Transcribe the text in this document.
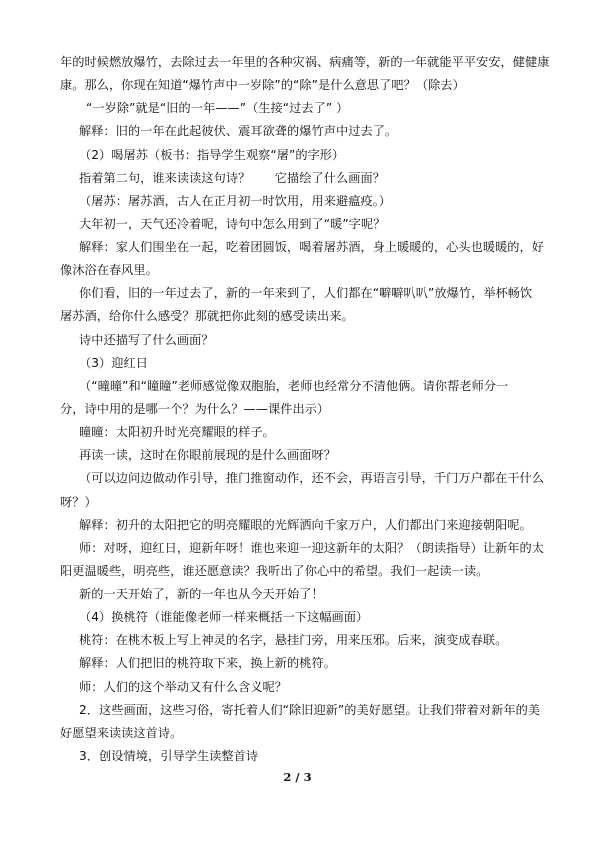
年的时候燃放爆竹，去除过去一年里的各种灾祸、病痛等，新的一年就能平平安安，健健康
康。那么，你现在知道“爆竹声中一岁除”的“除”是什么意思了吧？（除去）
“一岁除”就是“旧的一年——”（生接“过去了” ）
解释：旧的一年在此起彼伏、震耳欲聋的爆竹声中过去了。
（2）喝屠苏（板书：指导学生观察“屠”的字形）
指着第二句，谁来读读这句诗？　　它描绘了什么画面？
（屠苏：屠苏酒，古人在正月初一时饮用，用来避瘟疫。）
大年初一，天气还冷着呢，诗句中怎么用到了“暖”字呢？
解释：家人们围坐在一起，吃着团圆饭，喝着屠苏酒，身上暖暖的，心头也暖暖的，好
像沐浴在春风里。
你们看，旧的一年过去了，新的一年来到了，人们都在“噼噼叭叭”放爆竹，举杯畅饮
屠苏酒，给你什么感受？那就把你此刻的感受读出来。
诗中还描写了什么画面？
（3）迎红日
（“曈曈”和“瞳瞳”老师感觉像双胞胎，老师也经常分不清他俩。请你帮老师分一
分，诗中用的是哪一个？为什么？——课件出示）
曈曈：太阳初升时光亮耀眼的样子。
再读一读，这时在你眼前展现的是什么画面呀？
（可以边问边做动作引导，推门推窗动作，还不会，再语言引导，千门万户都在干什么
呀？）
解释：初升的太阳把它的明亮耀眼的光辉洒向千家万户，人们都出门来迎接朝阳呢。
师：对呀，迎红日，迎新年呀！谁也来迎一迎这新年的太阳？（朗读指导）让新年的太
阳更温暖些，明亮些，谁还愿意读？我听出了你心中的希望。我们一起读一读。
新的一天开始了，新的一年也从今天开始了！
（4）换桃符（谁能像老师一样来概括一下这幅画面）
桃符：在桃木板上写上神灵的名字，悬挂门旁，用来压邪。后来，演变成春联。
解释：人们把旧的桃符取下来，换上新的桃符。
师：人们的这个举动又有什么含义呢？
2．这些画面，这些习俗，寄托着人们“除旧迎新”的美好愿望。让我们带着对新年的美
好愿望来读读这首诗。
3．创设情境，引导学生读整首诗
2 / 3
